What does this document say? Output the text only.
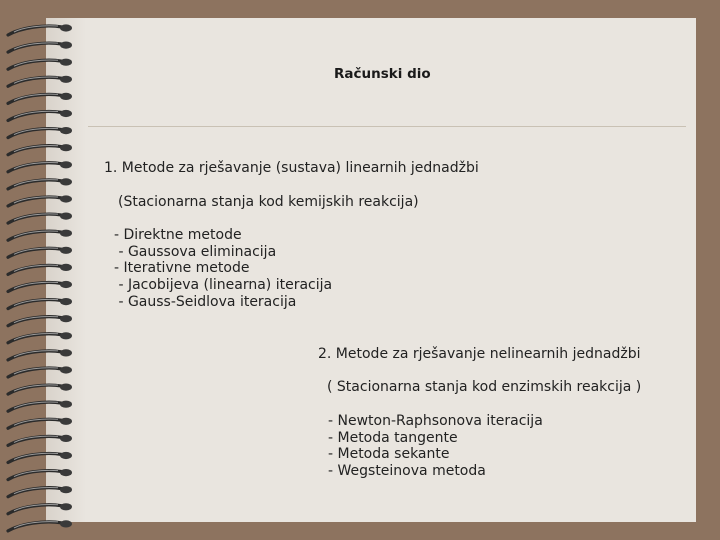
Računski dio
1. Metode za rješavanje (sustava) linearnih jednadžbi
(Stacionarna stanja kod kemijskih reakcija)
- Direktne metode
- Gaussova eliminacija
- Iterativne metode
- Jacobijeva (linearna) iteracija
- Gauss-Seidlova iteracija
2. Metode za rješavanje nelinearnih jednadžbi
( Stacionarna stanja kod enzimskih reakcija )
- Newton-Raphsonova iteracija
- Metoda tangente
- Metoda sekante
- Wegsteinova metoda
